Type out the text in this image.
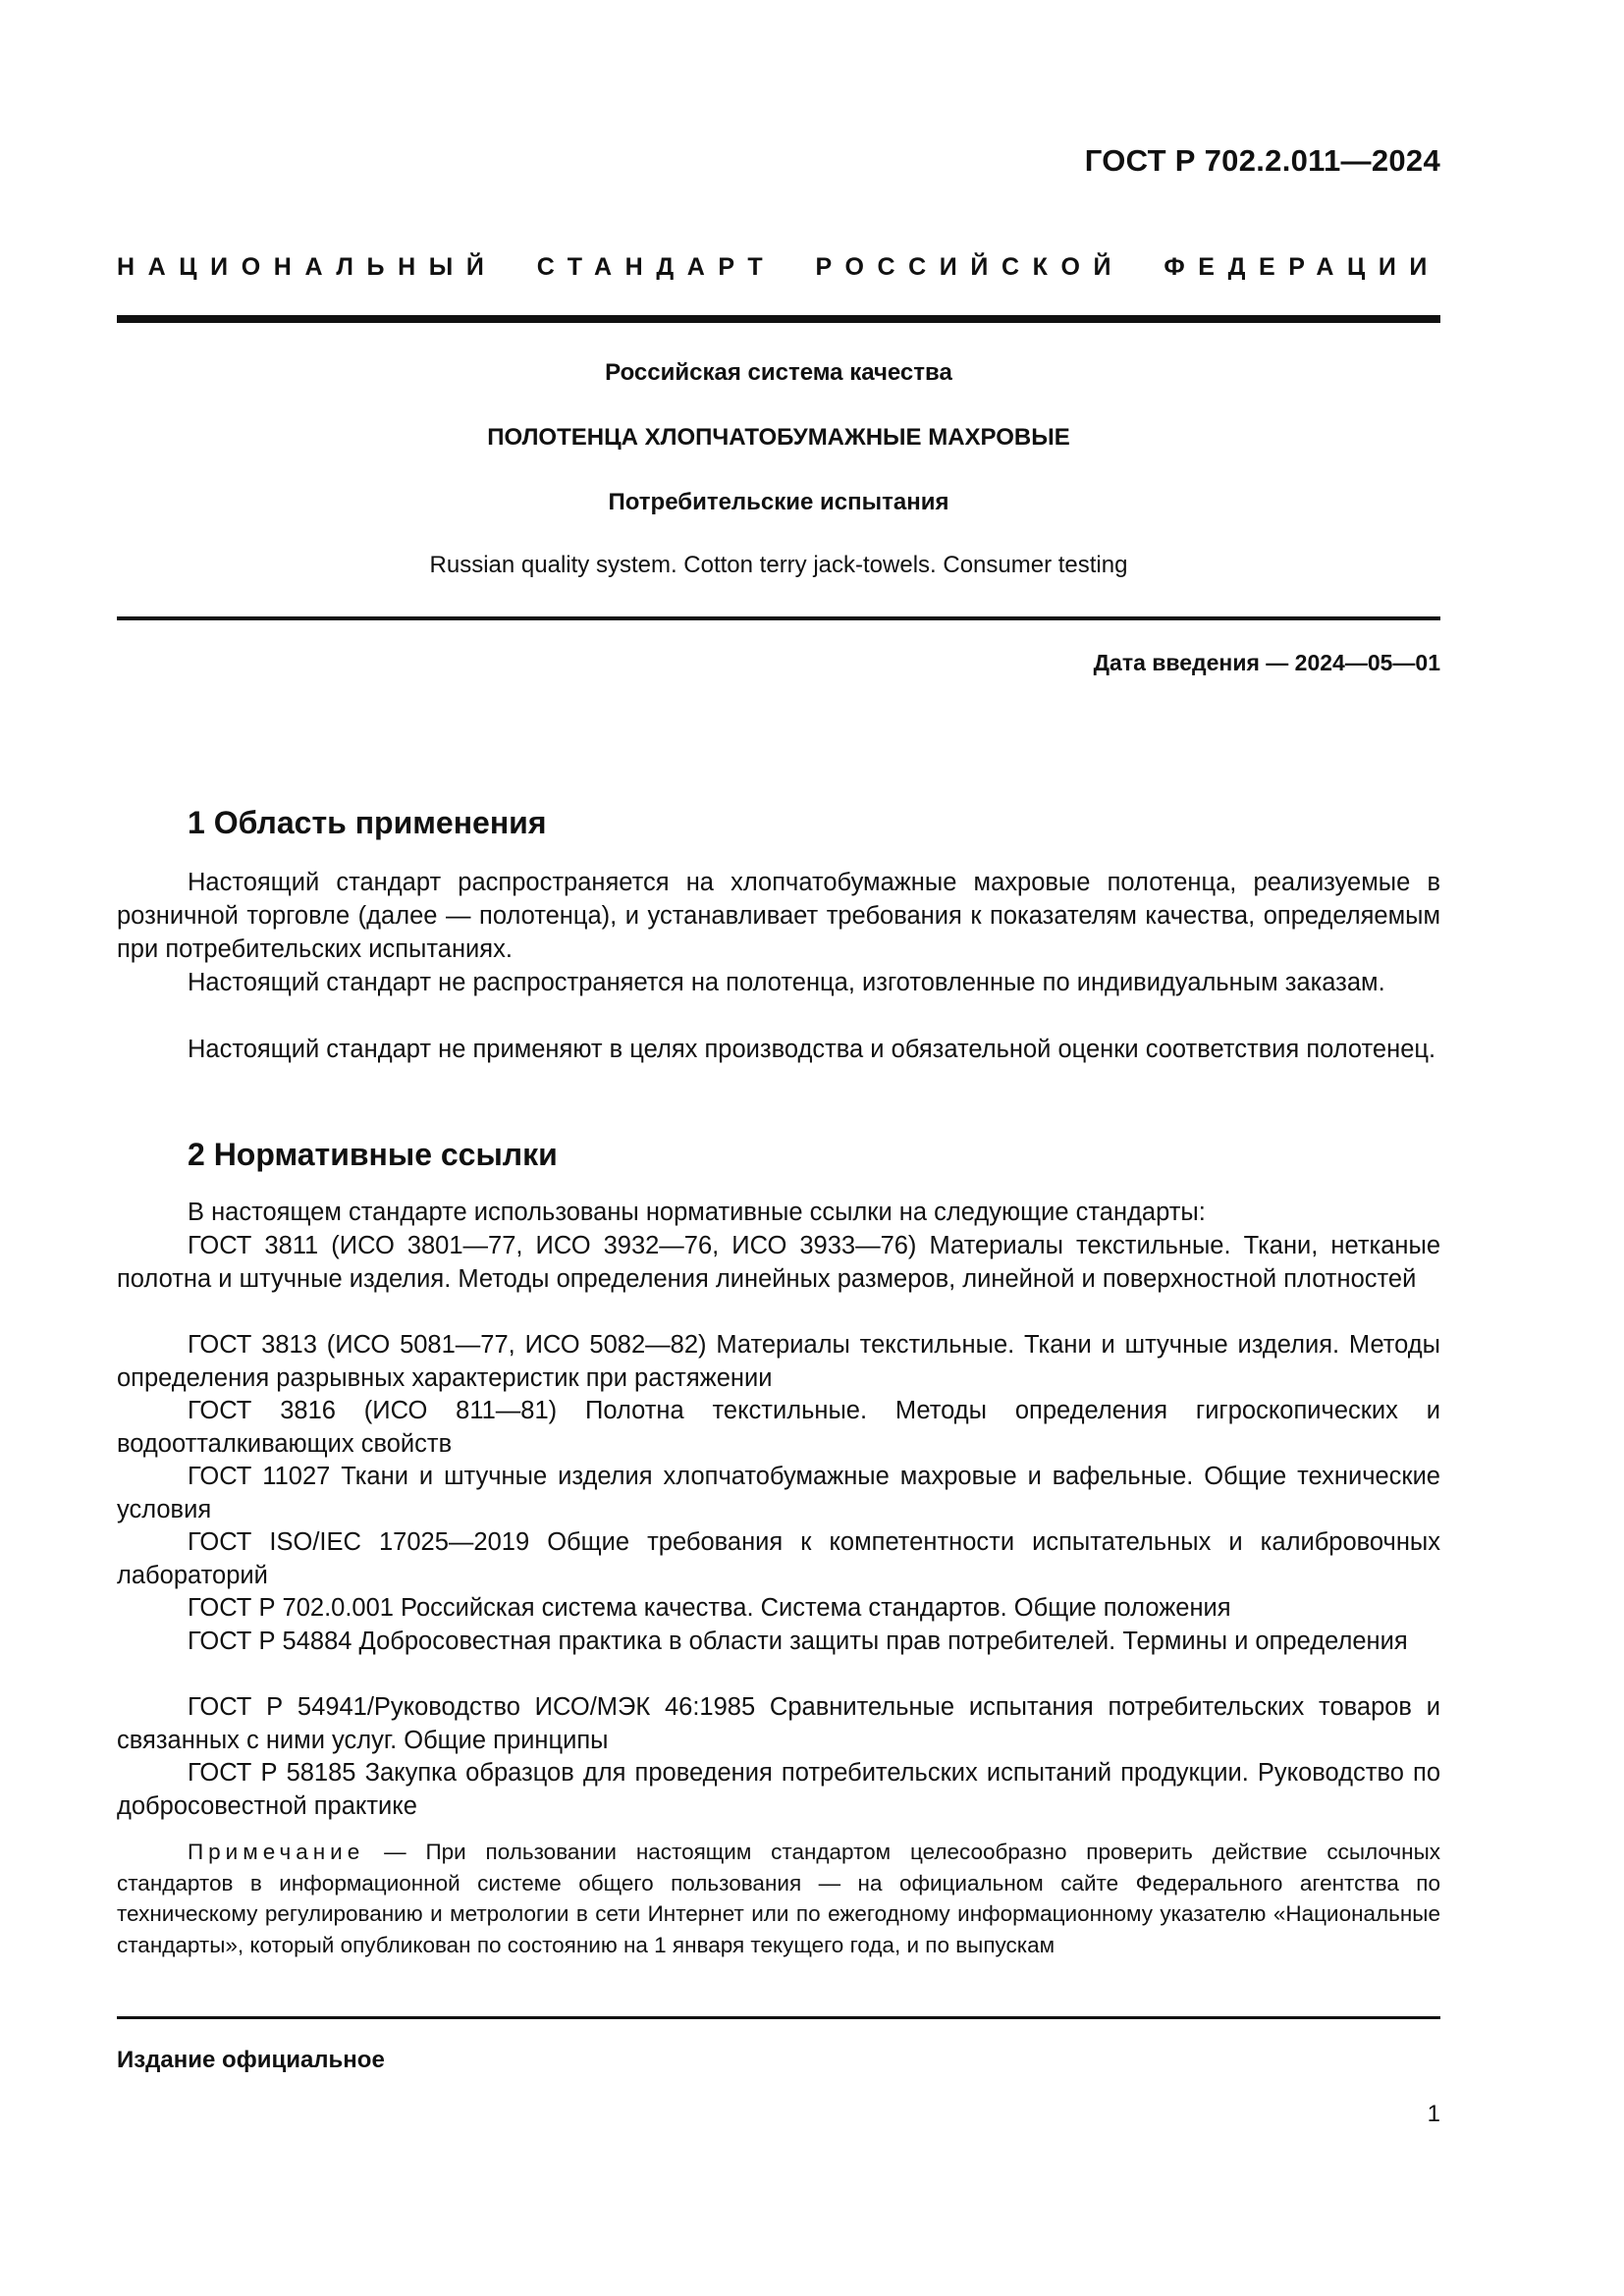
ГОСТ Р 702.2.011—2024
НАЦИОНАЛЬНЫЙ СТАНДАРТ РОССИЙСКОЙ ФЕДЕРАЦИИ
Российская система качества
ПОЛОТЕНЦА ХЛОПЧАТОБУМАЖНЫЕ МАХРОВЫЕ
Потребительские испытания
Russian quality system. Cotton terry jack-towels. Consumer testing
Дата введения — 2024—05—01
1 Область применения
Настоящий стандарт распространяется на хлопчатобумажные махровые полотенца, реализуемые в розничной торговле (далее — полотенца), и устанавливает требования к показателям качества, определяемым при потребительских испытаниях.
Настоящий стандарт не распространяется на полотенца, изготовленные по индивидуальным заказам.
Настоящий стандарт не применяют в целях производства и обязательной оценки соответствия полотенец.
2 Нормативные ссылки
В настоящем стандарте использованы нормативные ссылки на следующие стандарты:
ГОСТ 3811 (ИСО 3801—77, ИСО 3932—76, ИСО 3933—76) Материалы текстильные. Ткани, нетканые полотна и штучные изделия. Методы определения линейных размеров, линейной и поверхностной плотностей
ГОСТ 3813 (ИСО 5081—77, ИСО 5082—82) Материалы текстильные. Ткани и штучные изделия. Методы определения разрывных характеристик при растяжении
ГОСТ 3816 (ИСО 811—81) Полотна текстильные. Методы определения гигроскопических и водоотталкивающих свойств
ГОСТ 11027 Ткани и штучные изделия хлопчатобумажные махровые и вафельные. Общие технические условия
ГОСТ ISO/IEC 17025—2019 Общие требования к компетентности испытательных и калибровочных лабораторий
ГОСТ Р 702.0.001 Российская система качества. Система стандартов. Общие положения
ГОСТ Р 54884 Добросовестная практика в области защиты прав потребителей. Термины и определения
ГОСТ Р 54941/Руководство ИСО/МЭК 46:1985 Сравнительные испытания потребительских товаров и связанных с ними услуг. Общие принципы
ГОСТ Р 58185 Закупка образцов для проведения потребительских испытаний продукции. Руководство по добросовестной практике
Примечание — При пользовании настоящим стандартом целесообразно проверить действие ссылочных стандартов в информационной системе общего пользования — на официальном сайте Федерального агентства по техническому регулированию и метрологии в сети Интернет или по ежегодному информационному указателю «Национальные стандарты», который опубликован по состоянию на 1 января текущего года, и по выпускам
Издание официальное
1
